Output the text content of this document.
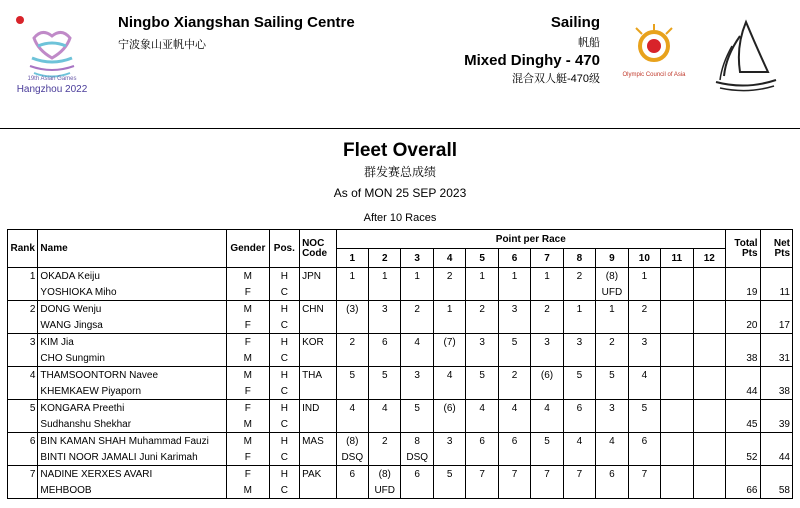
19th Asian Games
Hangzhou 2022
Ningbo Xiangshan Sailing Centre
宁波象山亚帆中心
Sailing
帆船
Mixed Dinghy - 470
混合双人艇-470级	Olympic Council of Asia
Fleet Overall
群发赛总成绩
As of MON 25 SEP 2023
After 10 Races
Rank	Name	Gender	Pos.	NOC
Code	Point per Race												Total
Pts	Net
Pts

					1	2	3	4	5	6	7	8	9	10	11	12		
1	OKADA Keiju	M	H	JPN	1	1	1	2	1	1	1	2	(8)	1				
	YOSHIOKA Miho	F	C										UFD				19	11
2	DONG Wenju	M	H	CHN	(3)	3	2	1	2	3	2	1	1	2				
	WANG Jingsa	F	C														20	17
3	KIM Jia	F	H	KOR	2	6	4	(7)	3	5	3	3	2	3				
	CHO Sungmin	M	C														38	31
4	THAMSOONTORN Navee	M	H	THA	5	5	3	4	5	2	(6)	5	5	4				
	KHEMKAEW Piyaporn	F	C														44	38
5	KONGARA Preethi	F	H	IND	4	4	5	(6)	4	4	4	6	3	5				
	Sudhanshu Shekhar	M	C														45	39
6	BIN KAMAN SHAH Muhammad Fauzi	M	H	MAS	(8)	2	8	3	6	6	5	4	4	6				
	BINTI NOOR JAMALI Juni Karimah	F	C		DSQ		DSQ										52	44
7	NADINE XERXES AVARI	F	H	PAK	6	(8)	6	5	7	7	7	7	6	7				
	MEHBOOB	M	C			UFD											66	58
